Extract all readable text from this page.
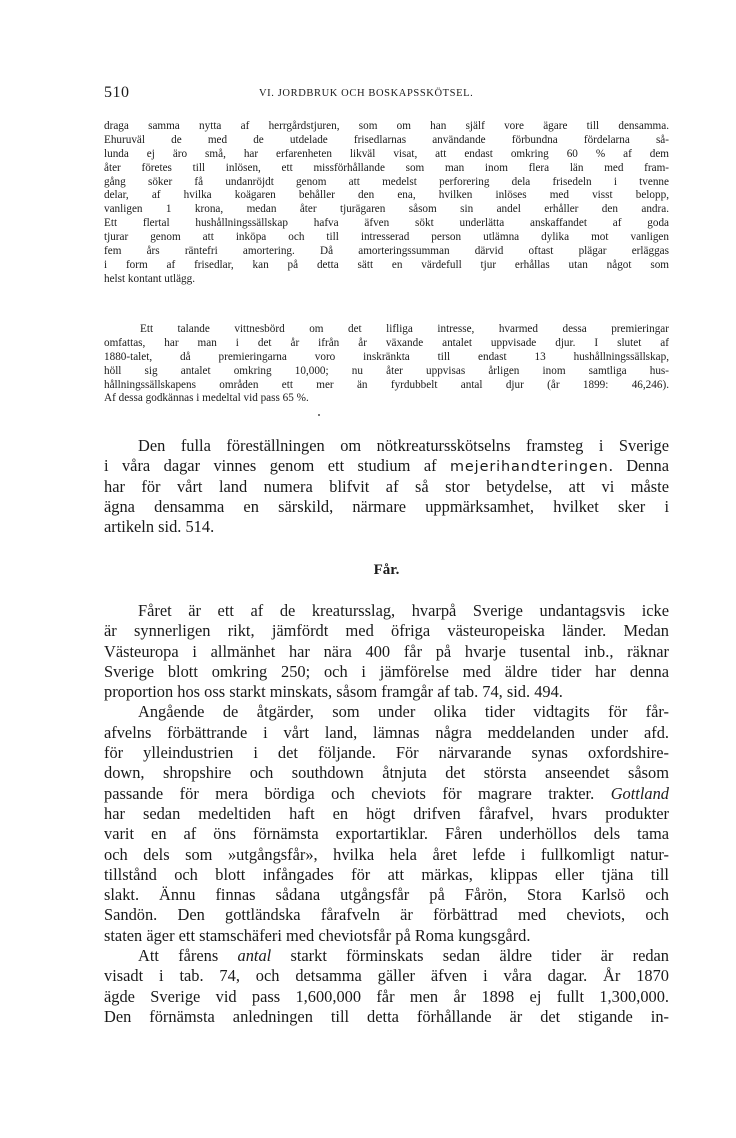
510	VI. JORDBRUK OCH BOSKAPSSKÖTSEL.
draga samma nytta af herrgårdstjuren, som om han själf vore ägare till densamma.
Ehuruväl de med de utdelade frisedlarnas användande förbundna fördelarna så-
lunda ej äro små, har erfarenheten likväl visat, att endast omkring 60 % af dem
åter företes till inlösen, ett missförhållande som man inom flera län med fram-
gång söker få undanröjdt genom att medelst perforering dela frisedeln i tvenne
delar, af hvilka koägaren behåller den ena, hvilken inlöses med visst belopp,
vanligen 1 krona, medan åter tjurägaren såsom sin andel erhåller den andra.
Ett flertal hushållningssällskap hafva äfven sökt underlätta anskaffandet af goda
tjurar genom att inköpa och till intresserad person utlämna dylika mot vanligen
fem års räntefri amortering. Då amorteringssumman därvid oftast plägar erläggas
i form af frisedlar, kan på detta sätt en värdefull tjur erhållas utan något som
helst kontant utlägg.
Ett talande vittnesbörd om det lifliga intresse, hvarmed dessa premieringar
omfattas, har man i det år ifrån år växande antalet uppvisade djur. I slutet af
1880-talet, då premieringarna voro inskränkta till endast 13 hushållningssällskap,
höll sig antalet omkring 10,000; nu åter uppvisas årligen inom samtliga hus-
hållningssällskapens områden ett mer än fyrdubbelt antal djur (år 1899: 46,246).
Af dessa godkännas i medeltal vid pass 65 %.
Den fulla föreställningen om nötkreatursskötselns framsteg i Sverige
i våra dagar vinnes genom ett studium af mejerihandteringen. Denna
har för vårt land numera blifvit af så stor betydelse, att vi måste
ägna densamma en särskild, närmare uppmärksamhet, hvilket sker i
artikeln sid. 514.
Får.
Fåret är ett af de kreatursslag, hvarpå Sverige undantagsvis icke
är synnerligen rikt, jämfördt med öfriga västeuropeiska länder. Medan
Västeuropa i allmänhet har nära 400 får på hvarje tusental inb., räknar
Sverige blott omkring 250; och i jämförelse med äldre tider har denna
proportion hos oss starkt minskats, såsom framgår af tab. 74, sid. 494.
Angående de åtgärder, som under olika tider vidtagits för får-
afvelns förbättrande i vårt land, lämnas några meddelanden under afd.
för ylleindustrien i det följande. För närvarande synas oxfordshire-
down, shropshire och southdown åtnjuta det största anseendet såsom
passande för mera bördiga och cheviots för magrare trakter. Gottland
har sedan medeltiden haft en högt drifven fårafvel, hvars produkter
varit en af öns förnämsta exportartiklar. Fåren underhöllos dels tama
och dels som »utgångsfår», hvilka hela året lefde i fullkomligt natur-
tillstånd och blott infångades för att märkas, klippas eller tjäna till
slakt. Ännu finnas sådana utgångsfår på Fårön, Stora Karlsö och
Sandön. Den gottländska fårafveln är förbättrad med cheviots, och
staten äger ett stamschäferi med cheviotsfår på Roma kungsgård.
Att fårens antal starkt förminskats sedan äldre tider är redan
visadt i tab. 74, och detsamma gäller äfven i våra dagar. År 1870
ägde Sverige vid pass 1,600,000 får men år 1898 ej fullt 1,300,000.
Den förnämsta anledningen till detta förhållande är det stigande in-
